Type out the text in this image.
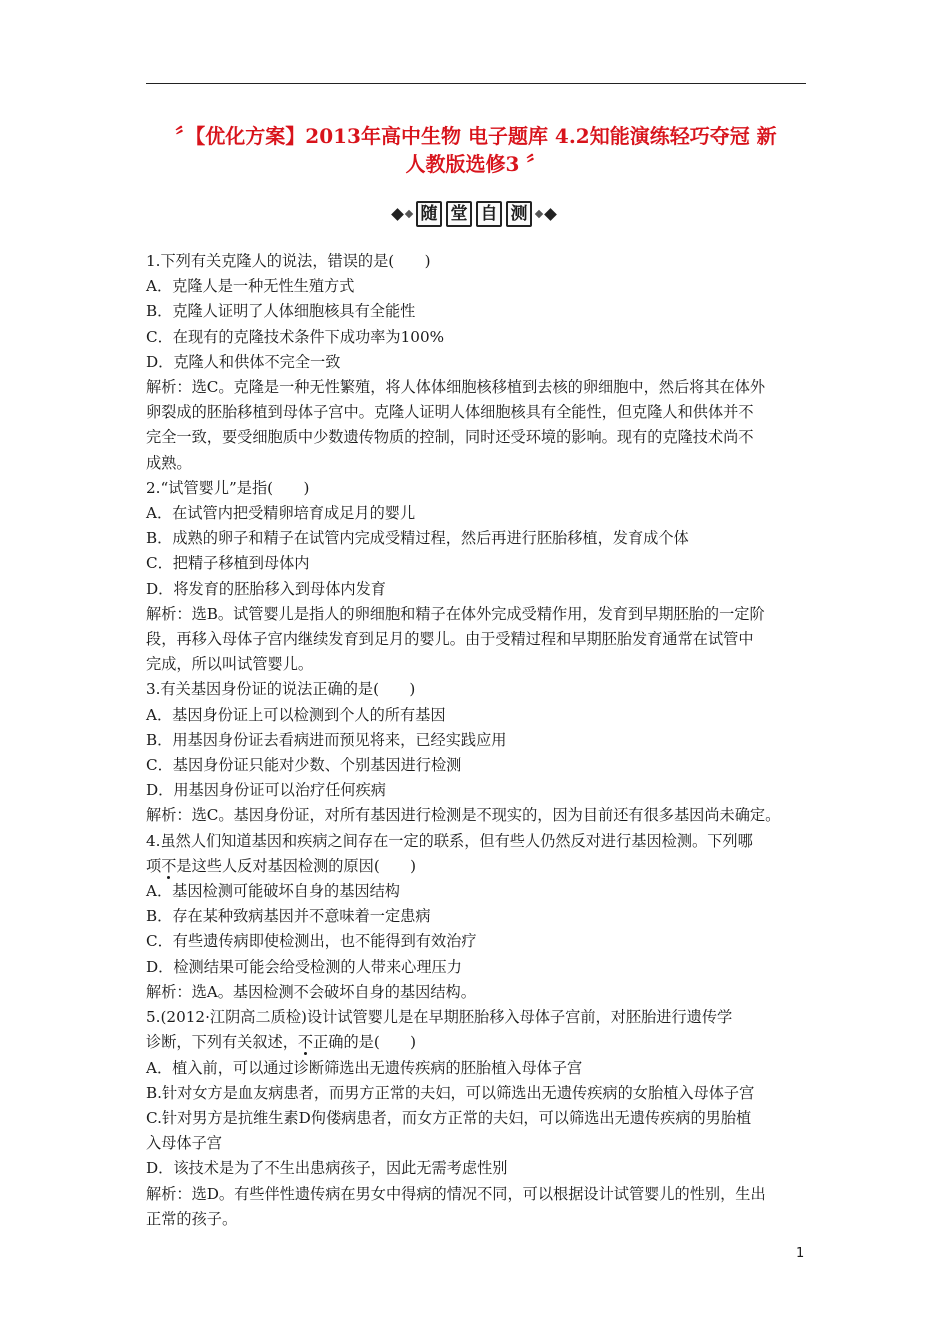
〞【优化方案】2013年高中生物 电子题库 4.2知能演练轻巧夺冠 新
人教版选修3 〞
随 堂 自 测

1.下列有关克隆人的说法，错误的是(　　)

A．克隆人是一种无性生殖方式

B．克隆人证明了人体细胞核具有全能性

C．在现有的克隆技术条件下成功率为100%

D．克隆人和供体不完全一致

解析：选C。克隆是一种无性繁殖，将人体体细胞核移植到去核的卵细胞中，然后将其在体外

卵裂成的胚胎移植到母体子宫中。克隆人证明人体细胞核具有全能性，但克隆人和供体并不

完全一致，要受细胞质中少数遗传物质的控制，同时还受环境的影响。现有的克隆技术尚不

成熟。

2.“试管婴儿”是指(　　)

A．在试管内把受精卵培育成足月的婴儿

B．成熟的卵子和精子在试管内完成受精过程，然后再进行胚胎移植，发育成个体

C．把精子移植到母体内

D．将发育的胚胎移入到母体内发育

解析：选B。试管婴儿是指人的卵细胞和精子在体外完成受精作用，发育到早期胚胎的一定阶

段，再移入母体子宫内继续发育到足月的婴儿。由于受精过程和早期胚胎发育通常在试管中

完成，所以叫试管婴儿。

3.有关基因身份证的说法正确的是(　　)

A．基因身份证上可以检测到个人的所有基因

B．用基因身份证去看病进而预见将来，已经实践应用

C．基因身份证只能对少数、个别基因进行检测

D．用基因身份证可以治疗任何疾病

解析：选C。基因身份证，对所有基因进行检测是不现实的，因为目前还有很多基因尚未确定。

4.虽然人们知道基因和疾病之间存在一定的联系，但有些人仍然反对进行基因检测。下列哪

项不是这些人反对基因检测的原因(　　)

A．基因检测可能破坏自身的基因结构

B．存在某种致病基因并不意味着一定患病

C．有些遗传病即使检测出，也不能得到有效治疗

D．检测结果可能会给受检测的人带来心理压力

解析：选A。基因检测不会破坏自身的基因结构。

5.(2012·江阴高二质检)设计试管婴儿是在早期胚胎移入母体子宫前，对胚胎进行遗传学

诊断，下列有关叙述，不正确的是(　　)

A．植入前，可以通过诊断筛选出无遗传疾病的胚胎植入母体子宫

B.针对女方是血友病患者，而男方正常的夫妇，可以筛选出无遗传疾病的女胎植入母体子宫

C.针对男方是抗维生素D佝偻病患者，而女方正常的夫妇，可以筛选出无遗传疾病的男胎植

入母体子宫

D．该技术是为了不生出患病孩子，因此无需考虑性别

解析：选D。有些伴性遗传病在男女中得病的情况不同，可以根据设计试管婴儿的性别，生出

正常的孩子。

1
